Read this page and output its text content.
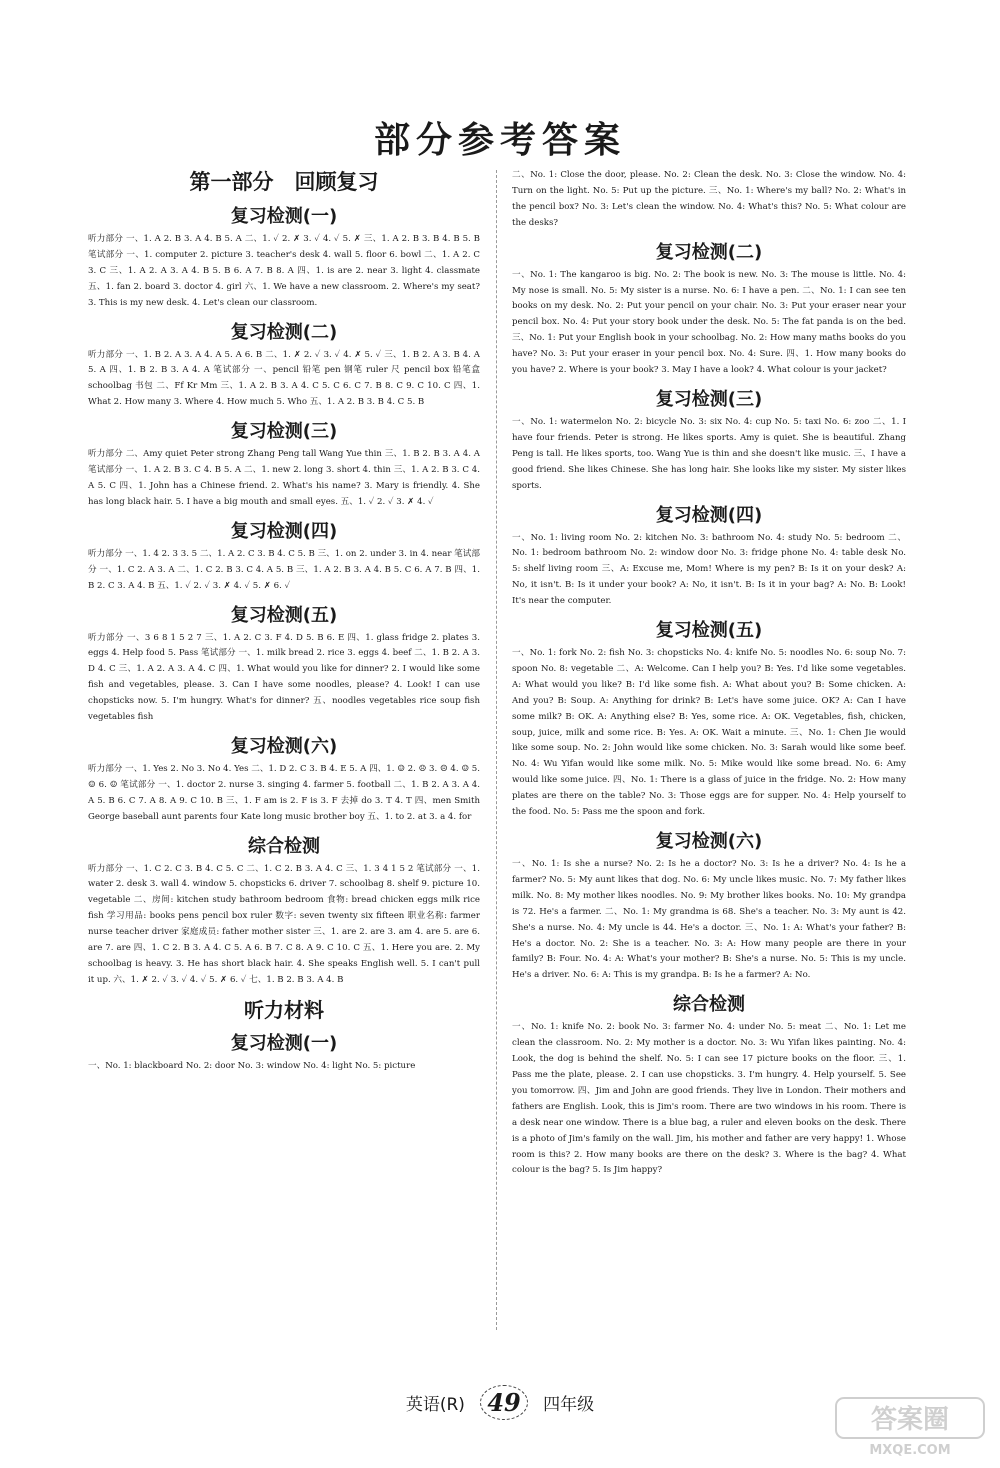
部分参考答案
第一部分　回顾复习
复习检测(一)

听力部分 一、1. A 2. B 3. A 4. B 5. A 二、1. ✓ 2. ✗ 3. ✓ 4. ✓ 5. ✗ 三、1. A 2. B 3. B 4. B 5. B 笔试部分 一、1. computer 2. picture 3. teacher's desk 4. wall 5. floor 6. bowl 二、1. A 2. C 3. C 三、1. A 2. A 3. A 4. B 5. B 6. A 7. B 8. A 四、1. is are 2. near 3. light 4. classmate 五、1. fan 2. board 3. doctor 4. girl 六、1. We have a new classroom. 2. Where's my seat? 3. This is my new desk. 4. Let's clean our classroom.

复习检测(二)

听力部分 一、1. B 2. A 3. A 4. A 5. A 6. B 二、1. ✗ 2. ✓ 3. ✓ 4. ✗ 5. ✓ 三、1. B 2. A 3. B 4. A 5. A 四、1. B 2. B 3. A 4. A 笔试部分 一、pencil 铅笔 pen 钢笔 ruler 尺 pencil box 铅笔盒 schoolbag 书包 二、Ff Kr Mm 三、1. A 2. B 3. A 4. C 5. C 6. C 7. B 8. C 9. C 10. C 四、1. What 2. How many 3. Where 4. How much 5. Who 五、1. A 2. B 3. B 4. C 5. B

复习检测(三)

听力部分 二、Amy quiet Peter strong Zhang Peng tall Wang Yue thin 三、1. B 2. B 3. A 4. A 笔试部分 一、1. A 2. B 3. C 4. B 5. A 二、1. new 2. long 3. short 4. thin 三、1. A 2. B 3. C 4. A 5. C 四、1. John has a Chinese friend. 2. What's his name? 3. Mary is friendly. 4. She has long black hair. 5. I have a big mouth and small eyes. 五、1. ✓ 2. ✓ 3. ✗ 4. ✓

复习检测(四)

听力部分 一、1. 4 2. 3 3. 5 二、1. A 2. C 3. B 4. C 5. B 三、1. on 2. under 3. in 4. near 笔试部分 一、1. C 2. A 3. A 二、1. C 2. B 3. C 4. A 5. B 三、1. A 2. B 3. A 4. B 5. C 6. A 7. B 四、1. B 2. C 3. A 4. B 五、1. ✓ 2. ✓ 3. ✗ 4. ✓ 5. ✗ 6. ✓

复习检测(五)

听力部分 一、3 6 8 1 5 2 7 三、1. A 2. C 3. F 4. D 5. B 6. E 四、1. glass fridge 2. plates 3. eggs 4. Help food 5. Pass 笔试部分 一、1. milk bread 2. rice 3. eggs 4. beef 二、1. B 2. A 3. D 4. C 三、1. A 2. A 3. A 4. C 四、1. What would you like for dinner? 2. I would like some fish and vegetables, please. 3. Can I have some noodles, please? 4. Look! I can use chopsticks now. 5. I'm hungry. What's for dinner? 五、noodles vegetables rice soup fish vegetables fish

复习检测(六)

听力部分 一、1. Yes 2. No 3. No 4. Yes 二、1. D 2. C 3. B 4. E 5. A 四、1. ☺ 2. ☹ 3. ☹ 4. ☺ 5. ☺ 6. ☺ 笔试部分 一、1. doctor 2. nurse 3. singing 4. farmer 5. football 二、1. B 2. A 3. A 4. A 5. B 6. C 7. A 8. A 9. C 10. B 三、1. F am is 2. F is 3. F 去掉 do 3. T 4. T 四、men Smith George baseball aunt parents four Kate long music brother boy 五、1. to 2. at 3. a 4. for

综合检测

听力部分 一、1. C 2. C 3. B 4. C 5. C 二、1. C 2. B 3. A 4. C 三、1. 3 4 1 5 2 笔试部分 一、1. water 2. desk 3. wall 4. window 5. chopsticks 6. driver 7. schoolbag 8. shelf 9. picture 10. vegetable 二、房间: kitchen study bathroom bedroom 食物: bread chicken eggs milk rice fish 学习用品: books pens pencil box ruler 数字: seven twenty six fifteen 职业名称: farmer nurse teacher driver 家庭成员: father mother sister 三、1. are 2. are 3. am 4. are 5. are 6. are 7. are 四、1. C 2. B 3. A 4. C 5. A 6. B 7. C 8. A 9. C 10. C 五、1. Here you are. 2. My schoolbag is heavy. 3. He has short black hair. 4. She speaks English well. 5. I can't pull it up. 六、1. ✗ 2. ✓ 3. ✓ 4. ✓ 5. ✗ 6. ✓ 七、1. B 2. B 3. A 4. B

听力材料
复习检测(一)

一、No. 1: blackboard No. 2: door No. 3: window No. 4: light No. 5: picture

二、No. 1: Close the door, please. No. 2: Clean the desk. No. 3: Close the window. No. 4: Turn on the light. No. 5: Put up the picture. 三、No. 1: Where's my ball? No. 2: What's in the pencil box? No. 3: Let's clean the window. No. 4: What's this? No. 5: What colour are the desks?

复习检测(二)

一、No. 1: The kangaroo is big. No. 2: The book is new. No. 3: The mouse is little. No. 4: My nose is small. No. 5: My sister is a nurse. No. 6: I have a pen. 二、No. 1: I can see ten books on my desk. No. 2: Put your pencil on your chair. No. 3: Put your eraser near your pencil box. No. 4: Put your story book under the desk. No. 5: The fat panda is on the bed. 三、No. 1: Put your English book in your schoolbag. No. 2: How many maths books do you have? No. 3: Put your eraser in your pencil box. No. 4: Sure. 四、1. How many books do you have? 2. Where is your book? 3. May I have a look? 4. What colour is your jacket?

复习检测(三)

一、No. 1: watermelon No. 2: bicycle No. 3: six No. 4: cup No. 5: taxi No. 6: zoo 二、1. I have four friends. Peter is strong. He likes sports. Amy is quiet. She is beautiful. Zhang Peng is tall. He likes sports, too. Wang Yue is thin and she doesn't like music. 三、I have a good friend. She likes Chinese. She has long hair. She looks like my sister. My sister likes sports.

复习检测(四)

一、No. 1: living room No. 2: kitchen No. 3: bathroom No. 4: study No. 5: bedroom 二、No. 1: bedroom bathroom No. 2: window door No. 3: fridge phone No. 4: table desk No. 5: shelf living room 三、A: Excuse me, Mom! Where is my pen? B: Is it on your desk? A: No, it isn't. B: Is it under your book? A: No, it isn't. B: Is it in your bag? A: No. B: Look! It's near the computer.

复习检测(五)

一、No. 1: fork No. 2: fish No. 3: chopsticks No. 4: knife No. 5: noodles No. 6: soup No. 7: spoon No. 8: vegetable 二、A: Welcome. Can I help you? B: Yes. I'd like some vegetables. A: What would you like? B: I'd like some fish. A: What about you? B: Some chicken. A: And you? B: Soup. A: Anything for drink? B: Let's have some juice. OK? A: Can I have some milk? B: OK. A: Anything else? B: Yes, some rice. A: OK. Vegetables, fish, chicken, soup, juice, milk and some rice. B: Yes. A: OK. Wait a minute. 三、No. 1: Chen Jie would like some soup. No. 2: John would like some chicken. No. 3: Sarah would like some beef. No. 4: Wu Yifan would like some milk. No. 5: Mike would like some bread. No. 6: Amy would like some juice. 四、No. 1: There is a glass of juice in the fridge. No. 2: How many plates are there on the table? No. 3: Those eggs are for supper. No. 4: Help yourself to the food. No. 5: Pass me the spoon and fork.

复习检测(六)

一、No. 1: Is she a nurse? No. 2: Is he a doctor? No. 3: Is he a driver? No. 4: Is he a farmer? No. 5: My aunt likes that dog. No. 6: My uncle likes music. No. 7: My father likes milk. No. 8: My mother likes noodles. No. 9: My brother likes books. No. 10: My grandpa is 72. He's a farmer. 二、No. 1: My grandma is 68. She's a teacher. No. 3: My aunt is 42. She's a nurse. No. 4: My uncle is 44. He's a doctor. 三、No. 1: A: What's your father? B: He's a doctor. No. 2: She is a teacher. No. 3: A: How many people are there in your family? B: Four. No. 4: A: What's your mother? B: She's a nurse. No. 5: This is my uncle. He's a driver. No. 6: A: This is my grandpa. B: Is he a farmer? A: No.

综合检测

一、No. 1: knife No. 2: book No. 3: farmer No. 4: under No. 5: meat 二、No. 1: Let me clean the classroom. No. 2: My mother is a doctor. No. 3: Wu Yifan likes painting. No. 4: Look, the dog is behind the shelf. No. 5: I can see 17 picture books on the floor. 三、1. Pass me the plate, please. 2. I can use chopsticks. 3. I'm hungry. 4. Help yourself. 5. See you tomorrow. 四、Jim and John are good friends. They live in London. Their mothers and fathers are English. Look, this is Jim's room. There are two windows in his room. There is a desk near one window. There is a blue bag, a ruler and eleven books on the desk. There is a photo of Jim's family on the wall. Jim, his mother and father are very happy! 1. Whose room is this? 2. How many books are there on the desk? 3. Where is the bag? 4. What colour is the bag? 5. Is Jim happy?

英语(R) 49 四年级	答案圈
MXQE.COM
